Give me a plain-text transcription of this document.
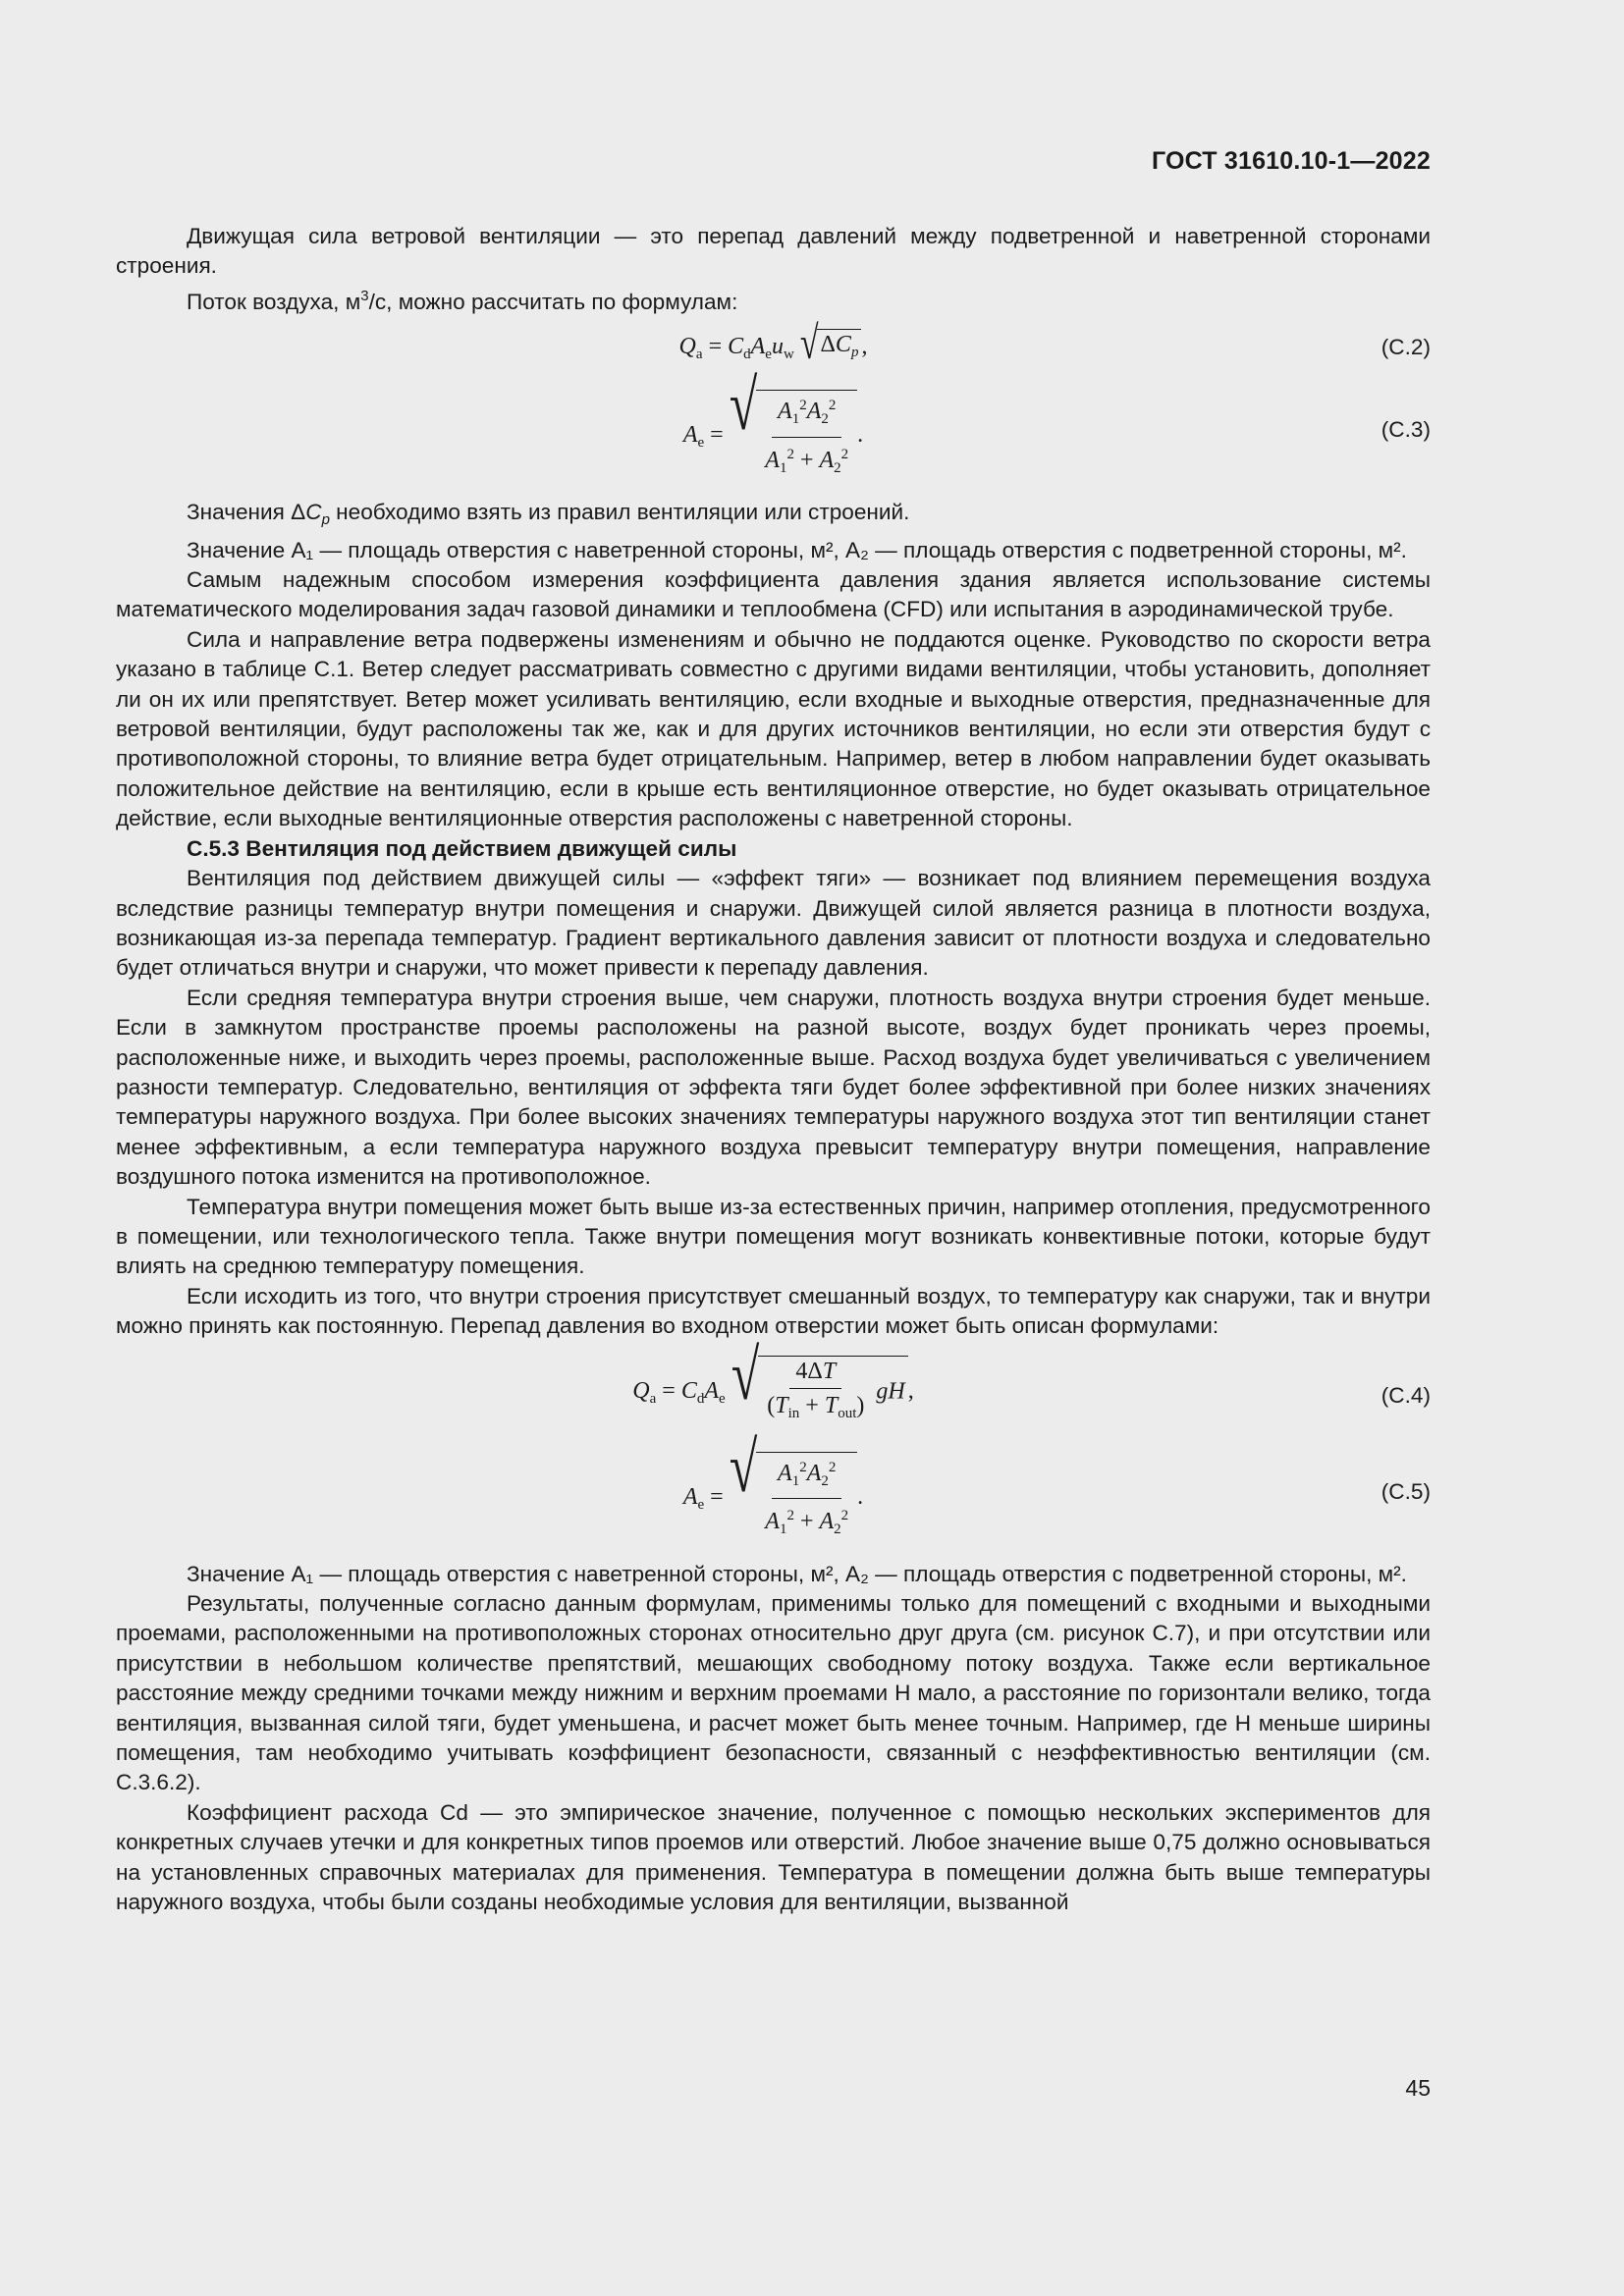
ГОСТ 31610.10-1—2022

Движущая сила ветровой вентиляции — это перепад давлений между подветренной и наветренной сторонами строения.

Поток воздуха, $м^3/с$, можно рассчитать по формулам:

$Q_a = C_dA_eu_w$ √ $\Delta C_p$ ,	(С.2)
$A_e$ = √ $\frac{A_1^2A_2^2}{A_1^2 + A_2^2}$ .	(С.3)

Значения $\Delta C_p$ необходимо взять из правил вентиляции или строений.

Значение A₁ — площадь отверстия с наветренной стороны, м², A₂ — площадь отверстия с подветренной стороны, м².

Самым надежным способом измерения коэффициента давления здания является использование системы математического моделирования задач газовой динамики и теплообмена (CFD) или испытания в аэродинамической трубе.

Сила и направление ветра подвержены изменениям и обычно не поддаются оценке. Руководство по скорости ветра указано в таблице С.1. Ветер следует рассматривать совместно с другими видами вентиляции, чтобы установить, дополняет ли он их или препятствует. Ветер может усиливать вентиляцию, если входные и выходные отверстия, предназначенные для ветровой вентиляции, будут расположены так же, как и для других источников вентиляции, но если эти отверстия будут с противоположной стороны, то влияние ветра будет отрицательным. Например, ветер в любом направлении будет оказывать положительное действие на вентиляцию, если в крыше есть вентиляционное отверстие, но будет оказывать отрицательное действие, если выходные вентиляционные отверстия расположены с наветренной стороны.

С.5.3 Вентиляция под действием движущей силы

Вентиляция под действием движущей силы — «эффект тяги» — возникает под влиянием перемещения воздуха вследствие разницы температур внутри помещения и снаружи. Движущей силой является разница в плотности воздуха, возникающая из-за перепада температур. Градиент вертикального давления зависит от плотности воздуха и следовательно будет отличаться внутри и снаружи, что может привести к перепаду давления.

Если средняя температура внутри строения выше, чем снаружи, плотность воздуха внутри строения будет меньше. Если в замкнутом пространстве проемы расположены на разной высоте, воздух будет проникать через проемы, расположенные ниже, и выходить через проемы, расположенные выше. Расход воздуха будет увеличиваться с увеличением разности температур. Следовательно, вентиляция от эффекта тяги будет более эффективной при более низких значениях температуры наружного воздуха. При более высоких значениях температуры наружного воздуха этот тип вентиляции станет менее эффективным, а если температура наружного воздуха превысит температуру внутри помещения, направление воздушного потока изменится на противоположное.

Температура внутри помещения может быть выше из-за естественных причин, например отопления, предусмотренного в помещении, или технологического тепла. Также внутри помещения могут возникать конвективные потоки, которые будут влиять на среднюю температуру помещения.

Если исходить из того, что внутри строения присутствует смешанный воздух, то температуру как снаружи, так и внутри можно принять как постоянную. Перепад давления во входном отверстии может быть описан формулами:

$Q_a = C_dA_e$ √ $\frac{4\Delta T}{(T_{in} + T_{out})}$ gH ,	(С.4)
$A_e$ = √ $\frac{A_1^2A_2^2}{A_1^2 + A_2^2}$ .	(С.5)

Значение A₁ — площадь отверстия с наветренной стороны, м², A₂ — площадь отверстия с подветренной стороны, м².

Результаты, полученные согласно данным формулам, применимы только для помещений с входными и выходными проемами, расположенными на противоположных сторонах относительно друг друга (см. рисунок С.7), и при отсутствии или присутствии в небольшом количестве препятствий, мешающих свободному потоку воздуха. Также если вертикальное расстояние между средними точками между нижним и верхним проемами H мало, а расстояние по горизонтали велико, тогда вентиляция, вызванная силой тяги, будет уменьшена, и расчет может быть менее точным. Например, где H меньше ширины помещения, там необходимо учитывать коэффициент безопасности, связанный с неэффективностью вентиляции (см. С.3.6.2).

Коэффициент расхода Cd — это эмпирическое значение, полученное с помощью нескольких экспериментов для конкретных случаев утечки и для конкретных типов проемов или отверстий. Любое значение выше 0,75 должно основываться на установленных справочных материалах для применения. Температура в помещении должна быть выше температуры наружного воздуха, чтобы были созданы необходимые условия для вентиляции, вызванной

45
